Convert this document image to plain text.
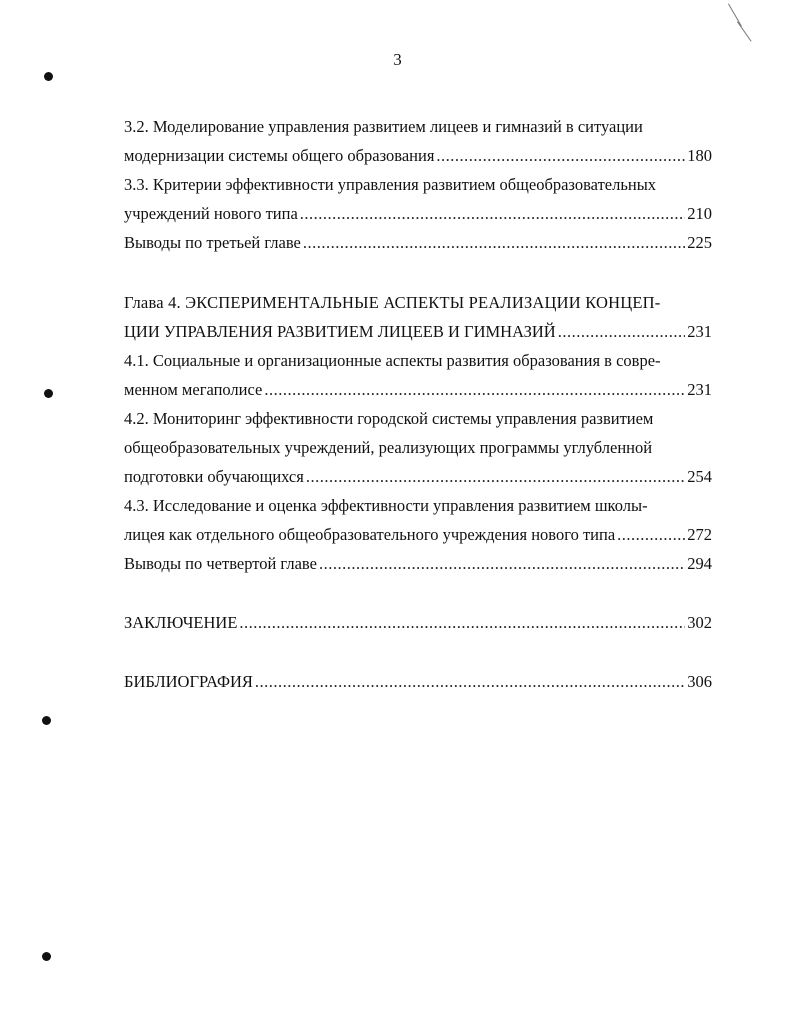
3
3.2. Моделирование управления развитием лицеев и гимназий в ситуации
модернизации системы общего образования .....	180
3.3. Критерии эффективности управления развитием общеобразовательных
учреждений нового типа .....	210
Выводы по третьей главе .....	225
Глава 4. ЭКСПЕРИМЕНТАЛЬНЫЕ АСПЕКТЫ РЕАЛИЗАЦИИ КОНЦЕП-
ЦИИ УПРАВЛЕНИЯ РАЗВИТИЕМ ЛИЦЕЕВ И ГИМНАЗИЙ .....	231
4.1. Социальные и организационные аспекты развития образования в совре-
менном мегаполисе .....	231
4.2. Мониторинг эффективности городской системы управления развитием
общеобразовательных учреждений, реализующих программы углубленной
подготовки обучающихся .....	254
4.3. Исследование и оценка эффективности управления развитием школы-
лицея как отдельного общеобразовательного учреждения нового типа .....	272
Выводы по четвертой главе .....	294
ЗАКЛЮЧЕНИЕ .....	302
БИБЛИОГРАФИЯ .....	306
